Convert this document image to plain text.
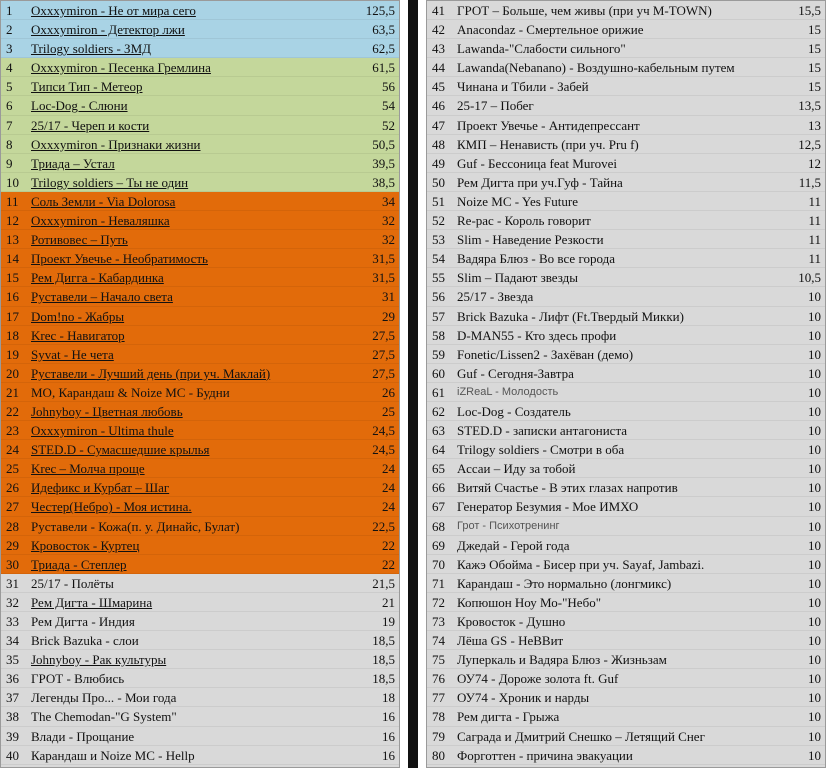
1 Oxxxymiron - Не от мира сего	125,5
2 Oxxxymiron - Детектор лжи	63,5
3 Trilogy soldiers - ЗМД	62,5
4 Oxxxymiron - Песенка Гремлина	61,5
5 Типси Тип - Метеор	56
6 Loc-Dog - Слюни	54
7 25/17 - Череп и кости	52
8 Oxxxymiron - Признаки жизни	50,5
9 Триада – Устал	39,5
10 Trilogy soldiers – Ты не один	38,5
11 Соль Земли - Via Dolorosa	34
12 Oxxxymiron - Неваляшка	32
13 Ротивовес – Путь	32
14 Проект Увечье - Необратимость	31,5
15 Рем Дигга - Кабардинка	31,5
16 Руставели – Начало света	31
17 Dom!no - Жабры	29
18 Krec - Навигатор	27,5
19 Syvat - Не чета	27,5
20 Руставели - Лучший день (при уч. Маклай)	27,5
21 MO, Карандаш & Noize MC - Будни	26
22 Johnyboy - Цветная любовь	25
23 Oxxxymiron - Ultima thule	24,5
24 STED.D - Сумасшедшие крылья	24,5
25 Krec – Молча проще	24
26 Идефикс и Курбат – Шаг	24
27 Честер(Небро) - Моя истина.	24
28 Руставели - Кожа(п. у. Динайс, Булат)	22,5
29 Кровосток - Куртец	22
30 Триада - Степлер	22
31 25/17 - Полёты	21,5
32 Рем Дигта - Шмарина	21
33 Рем Дигта - Индия	19
34 Brick Bazuka - слои	18,5
35 Johnyboy - Рак культуры	18,5
36 ГРОТ - Влюбись	18,5
37 Легенды Про... - Мои года	18
38 The Chemodan-"G System"	16
39 Влади - Прощание	16
40 Карандаш и Noize MC - Hellp	16
41 ГРОТ – Больше, чем живы (при уч M-TOWN)	15,5
42 Anacondaz - Смертельное орижие	15
43 Lawanda-"Слабости сильного"	15
44 Lawanda(Nebanano) - Воздушно-кабельным путем	15
45 Чинана и Тбили - Забей	15
46 25-17 – Побег	13,5
47 Проект Увечье - Антидепрессант	13
48 КМП – Ненависть (при уч. Pru f)	12,5
49 Guf - Бессоница feat Murovei	12
50 Рем Дигта при уч.Гуф - Тайна	11,5
51 Noize MC - Yes Future	11
52 Re-pac - Король говорит	11
53 Slim - Наведение Резкости	11
54 Вадяра Блюз - Во все города	11
55 Slim – Падают звезды	10,5
56 25/17 - Звезда	10
57 Brick Bazuka - Лифт (Ft.Твердый Микки)	10
58 D-MAN55 - Кто здесь профи	10
59 Fonetic/Lissen2 - Захёван (демо)	10
60 Guf - Сегодня-Завтра	10
61 iZReaL - Молодость	10
62 Loc-Dog - Создатель	10
63 STED.D - записки антагониста	10
64 Trilogy soldiers - Смотри в оба	10
65 Ассаи – Иду за тобой	10
66 Витяй Счастье - В этих глазах напротив	10
67 Генератор Безумия - Мое ИМХО	10
68 Грот - Психотренинг	10
69 Джедай - Герой года	10
70 Кажэ Обойма - Бисер при уч. Sayaf, Jambazi.	10
71 Карандаш - Это нормально (лонгмикс)	10
72 Копюшон Ноу Мо-"Небо"	10
73 Кровосток - Душно	10
74 Лёша GS - НеВВит	10
75 Луперкаль и Вадяра Блюз - Жизньзам	10
76 ОУ74 - Дороже золота ft. Guf	10
77 ОУ74 - Хроник и нарды	10
78 Рем дигта - Грыжа	10
79 Саграда и Дмитрий Снешко – Летящий Снег	10
80 Форготтен - причина эвакуации	10
